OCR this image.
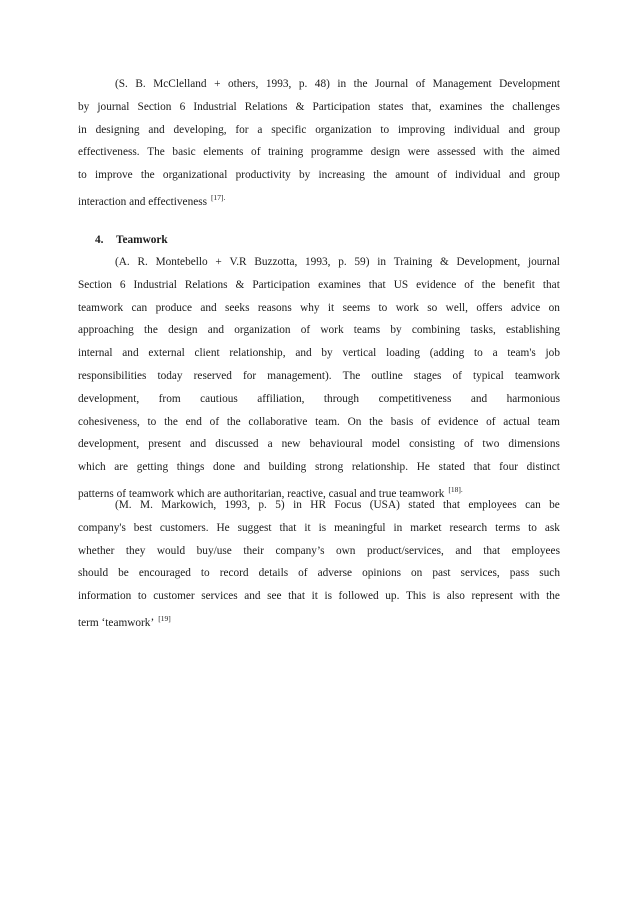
(S. B. McClelland + others, 1993, p. 48) in the Journal of Management Development
by journal Section 6 Industrial Relations & Participation states that, examines the challenges
in designing and developing, for a specific organization to improving individual and group
effectiveness. The basic elements of training programme design were assessed with the aimed
to improve the organizational productivity by increasing the amount of individual and group
interaction and effectiveness $^{[17].}$
4. Teamwork
(A. R. Montebello + V.R Buzzotta, 1993, p. 59) in Training & Development, journal
Section 6 Industrial Relations & Participation examines that US evidence of the benefit that
teamwork can produce and seeks reasons why it seems to work so well, offers advice on
approaching the design and organization of work teams by combining tasks, establishing
internal and external client relationship, and by vertical loading (adding to a team's job
responsibilities today reserved for management). The outline stages of typical teamwork
development, from cautious affiliation, through competitiveness and harmonious
cohesiveness, to the end of the collaborative team. On the basis of evidence of actual team
development, present and discussed a new behavioural model consisting of two dimensions
which are getting things done and building strong relationship. He stated that four distinct
patterns of teamwork which are authoritarian, reactive, casual and true teamwork $^{[18].}$
(M. M. Markowich, 1993, p. 5) in HR Focus (USA) stated that employees can be
company's best customers. He suggest that it is meaningful in market research terms to ask
whether they would buy/use their company’s own product/services, and that employees
should be encouraged to record details of adverse opinions on past services, pass such
information to customer services and see that it is followed up. This is also represent with the
term ‘teamwork’ [19]
